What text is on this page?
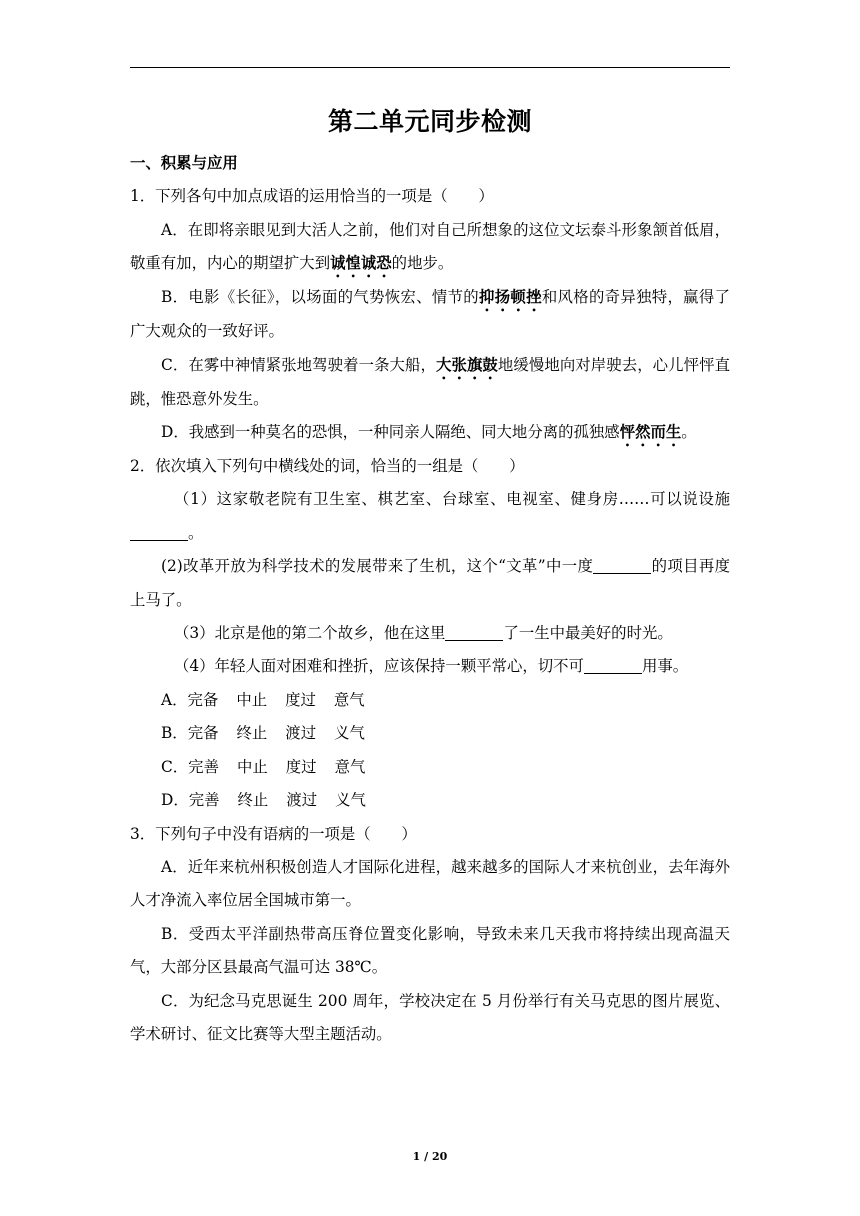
第二单元同步检测

一、积累与应用

1．下列各句中加点成语的运用恰当的一项是（　　）

A．在即将亲眼见到大活人之前，他们对自己所想象的这位文坛泰斗形象颔首低眉，敬重有加，内心的期望扩大到诚惶诚恐的地步。

B．电影《长征》，以场面的气势恢宏、情节的抑扬顿挫和风格的奇异独特，赢得了广大观众的一致好评。

C．在雾中神情紧张地驾驶着一条大船，大张旗鼓地缓慢地向对岸驶去，心儿怦怦直跳，惟恐意外发生。

D．我感到一种莫名的恐惧，一种同亲人隔绝、同大地分离的孤独感怦然而生。

2．依次填入下列句中横线处的词，恰当的一组是（　　）

（1）这家敬老院有卫生室、棋艺室、台球室、电视室、健身房……可以说设施。

(2)改革开放为科学技术的发展带来了生机，这个“文革”中一度	的项目再度上马了。

（3）北京是他的第二个故乡，他在这里	了一生中最美好的时光。

（4）年轻人面对困难和挫折，应该保持一颗平常心，切不可	用事。

A．完备 中止 度过 意气

B．完备 终止 渡过 义气

C．完善 中止 度过 意气

D．完善 终止 渡过 义气

3．下列句子中没有语病的一项是（　　）

A．近年来杭州积极创造人才国际化进程，越来越多的国际人才来杭创业，去年海外人才净流入率位居全国城市第一。

B．受西太平洋副热带高压脊位置变化影响，导致未来几天我市将持续出现高温天气，大部分区县最高气温可达 38℃。

C．为纪念马克思诞生 200 周年，学校决定在 5 月份举行有关马克思的图片展览、学术研讨、征文比赛等大型主题活动。

1 / 20
